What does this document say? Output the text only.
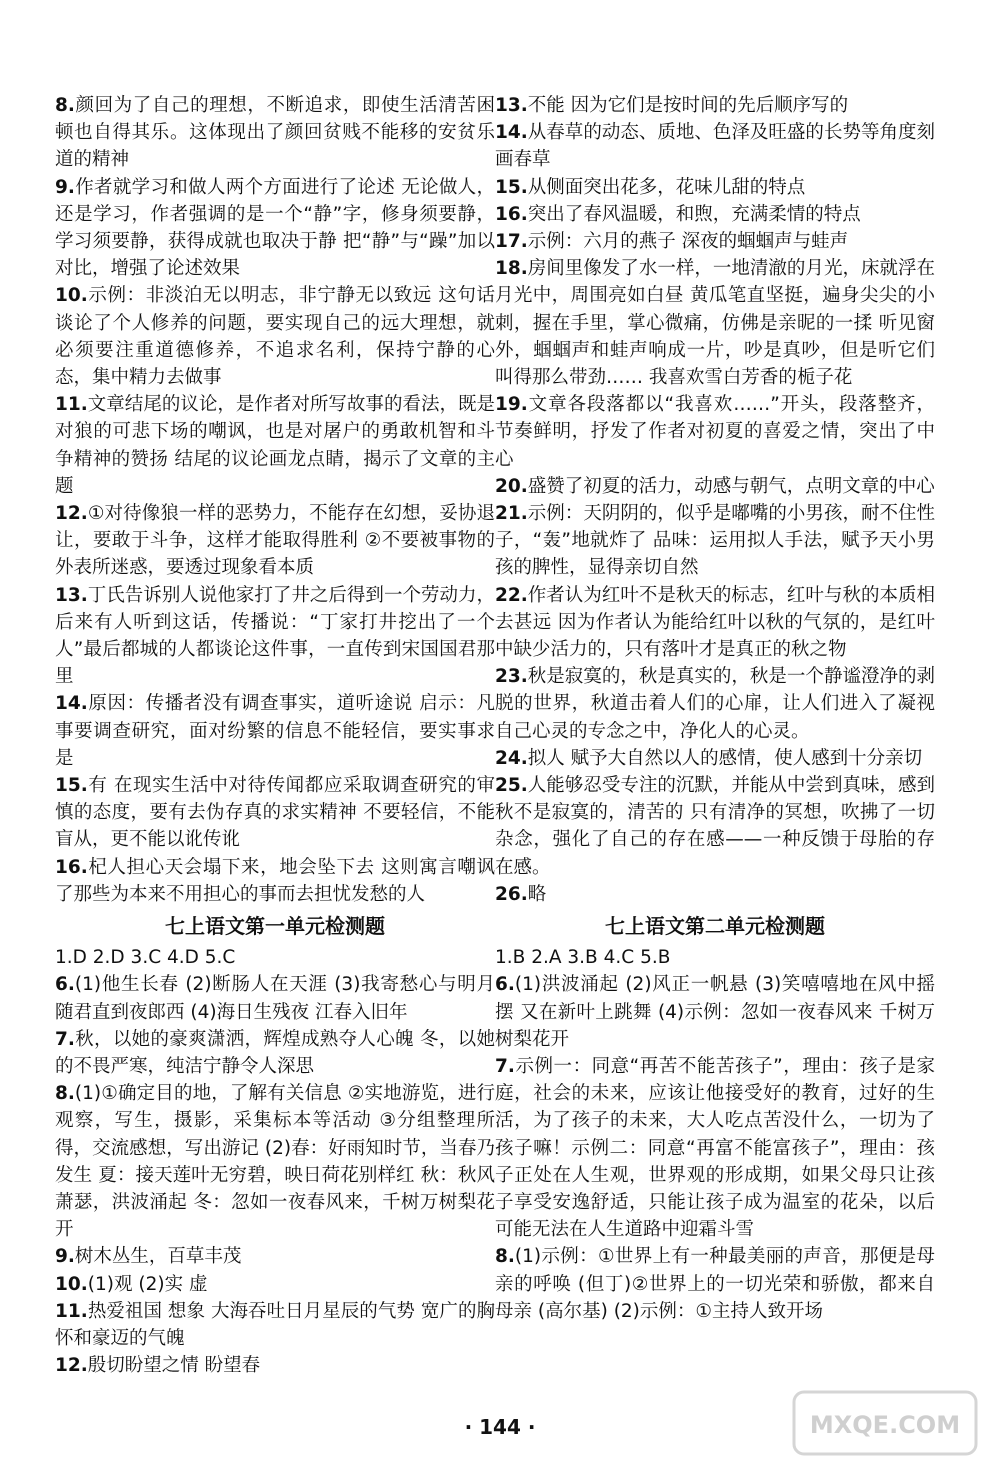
8.颜回为了自己的理想，不断追求，即使生活清苦困顿也自得其乐。这体现出了颜回贫贱不能移的安贫乐道的精神

9.作者就学习和做人两个方面进行了论述 无论做人，还是学习，作者强调的是一个“静”字，修身须要静，学习须要静，获得成就也取决于静 把“静”与“躁”加以对比，增强了论述效果

10.示例：非淡泊无以明志，非宁静无以致远 这句话谈论了个人修养的问题，要实现自己的远大理想，就必须要注重道德修养，不追求名利，保持宁静的心态，集中精力去做事

11.文章结尾的议论，是作者对所写故事的看法，既是对狼的可悲下场的嘲讽，也是对屠户的勇敢机智和斗争精神的赞扬 结尾的议论画龙点睛，揭示了文章的主题

12.①对待像狼一样的恶势力，不能存在幻想，妥协退让，要敢于斗争，这样才能取得胜利 ②不要被事物的外表所迷惑，要透过现象看本质

13.丁氏告诉别人说他家打了井之后得到一个劳动力，后来有人听到这话，传播说：“丁家打井挖出了一个人”最后都城的人都谈论这件事，一直传到宋国国君那里

14.原因：传播者没有调查事实，道听途说 启示：凡事要调查研究，面对纷繁的信息不能轻信，要实事求是

15.有 在现实生活中对待传闻都应采取调查研究的审慎的态度，要有去伪存真的求实精神 不要轻信，不能盲从，更不能以讹传讹

16.杞人担心天会塌下来，地会坠下去 这则寓言嘲讽了那些为本来不用担心的事而去担忧发愁的人

七上语文第一单元检测题

1.D 2.D 3.C 4.D 5.C

6.(1)他生长春 (2)断肠人在天涯 (3)我寄愁心与明月 随君直到夜郎西 (4)海日生残夜 江春入旧年

7.秋，以她的豪爽潇洒，辉煌成熟夺人心魄 冬，以她的不畏严寒，纯洁宁静令人深思

8.(1)①确定目的地，了解有关信息 ②实地游览，进行观察，写生，摄影，采集标本等活动 ③分组整理所得，交流感想，写出游记 (2)春：好雨知时节，当春乃发生 夏：接天莲叶无穷碧，映日荷花别样红 秋：秋风萧瑟，洪波涌起 冬：忽如一夜春风来，千树万树梨花开

9.树木丛生，百草丰茂

10.(1)观 (2)实 虚

11.热爱祖国 想象 大海吞吐日月星辰的气势 宽广的胸怀和豪迈的气魄

12.殷切盼望之情 盼望春

13.不能 因为它们是按时间的先后顺序写的

14.从春草的动态、质地、色泽及旺盛的长势等角度刻画春草

15.从侧面突出花多，花味儿甜的特点

16.突出了春风温暖，和煦，充满柔情的特点

17.示例：六月的燕子 深夜的蝈蝈声与蛙声

18.房间里像发了水一样，一地清澈的月光，床就浮在月光中，周围亮如白昼 黄瓜笔直坚挺，遍身尖尖的小刺，握在手里，掌心微痛，仿佛是亲昵的一揉 听见窗外，蝈蝈声和蛙声响成一片，吵是真吵，但是听它们叫得那么带劲…… 我喜欢雪白芳香的栀子花

19.文章各段落都以“我喜欢……”开头，段落整齐，节奏鲜明，抒发了作者对初夏的喜爱之情，突出了中心

20.盛赞了初夏的活力，动感与朝气，点明文章的中心

21.示例：天阴阴的，似乎是嘟嘴的小男孩，耐不住性子，“轰”地就炸了 品味：运用拟人手法，赋予天小男孩的脾性，显得亲切自然

22.作者认为红叶不是秋天的标志，红叶与秋的本质相去甚远 因为作者认为能给红叶以秋的气氛的，是红叶中缺少活力的，只有落叶才是真正的秋之物

23.秋是寂寞的，秋是真实的，秋是一个静谧澄净的剥脱的世界，秋道击着人们的心扉，让人们进入了凝视自己心灵的专念之中，净化人的心灵。

24.拟人 赋予大自然以人的感情，使人感到十分亲切

25.人能够忍受专注的沉默，并能从中尝到真味，感到秋不是寂寞的，清苦的 只有清净的冥想，吹拂了一切杂念，强化了自己的存在感——一种反馈于母胎的存在感。

26.略

七上语文第二单元检测题

1.B 2.A 3.B 4.C 5.B

6.(1)洪波涌起 (2)风正一帆悬 (3)笑嘻嘻地在风中摇摆 又在新叶上跳舞 (4)示例：忽如一夜春风来 千树万树梨花开

7.示例一：同意“再苦不能苦孩子”，理由：孩子是家庭，社会的未来，应该让他接受好的教育，过好的生活，为了孩子的未来，大人吃点苦没什么，一切为了孩子嘛！示例二：同意“再富不能富孩子”，理由：孩子正处在人生观，世界观的形成期，如果父母只让孩子享受安逸舒适，只能让孩子成为温室的花朵，以后可能无法在人生道路中迎霜斗雪

8.(1)示例：①世界上有一种最美丽的声音，那便是母亲的呼唤 (但丁)②世界上的一切光荣和骄傲，都来自母亲 (高尔基) (2)示例：①主持人致开场

· 144 ·	MXQE.COM
